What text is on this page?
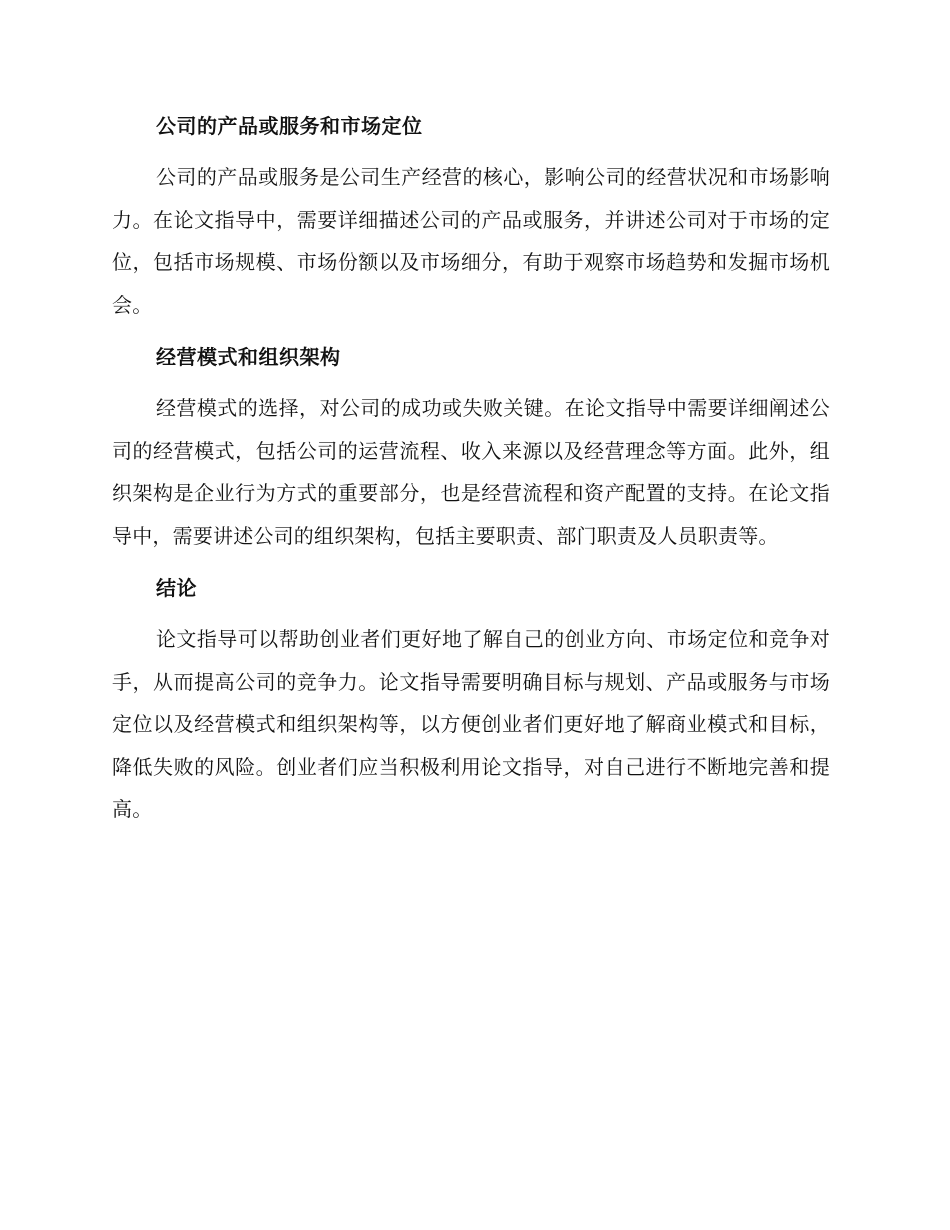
公司的产品或服务和市场定位

公司的产品或服务是公司生产经营的核心，影响公司的经营状况和市场影响力。在论文指导中，需要详细描述公司的产品或服务，并讲述公司对于市场的定位，包括市场规模、市场份额以及市场细分，有助于观察市场趋势和发掘市场机会。

经营模式和组织架构

经营模式的选择，对公司的成功或失败关键。在论文指导中需要详细阐述公司的经营模式，包括公司的运营流程、收入来源以及经营理念等方面。此外，组织架构是企业行为方式的重要部分，也是经营流程和资产配置的支持。在论文指导中，需要讲述公司的组织架构，包括主要职责、部门职责及人员职责等。

结论

论文指导可以帮助创业者们更好地了解自己的创业方向、市场定位和竞争对手，从而提高公司的竞争力。论文指导需要明确目标与规划、产品或服务与市场定位以及经营模式和组织架构等，以方便创业者们更好地了解商业模式和目标，降低失败的风险。创业者们应当积极利用论文指导，对自己进行不断地完善和提高。
